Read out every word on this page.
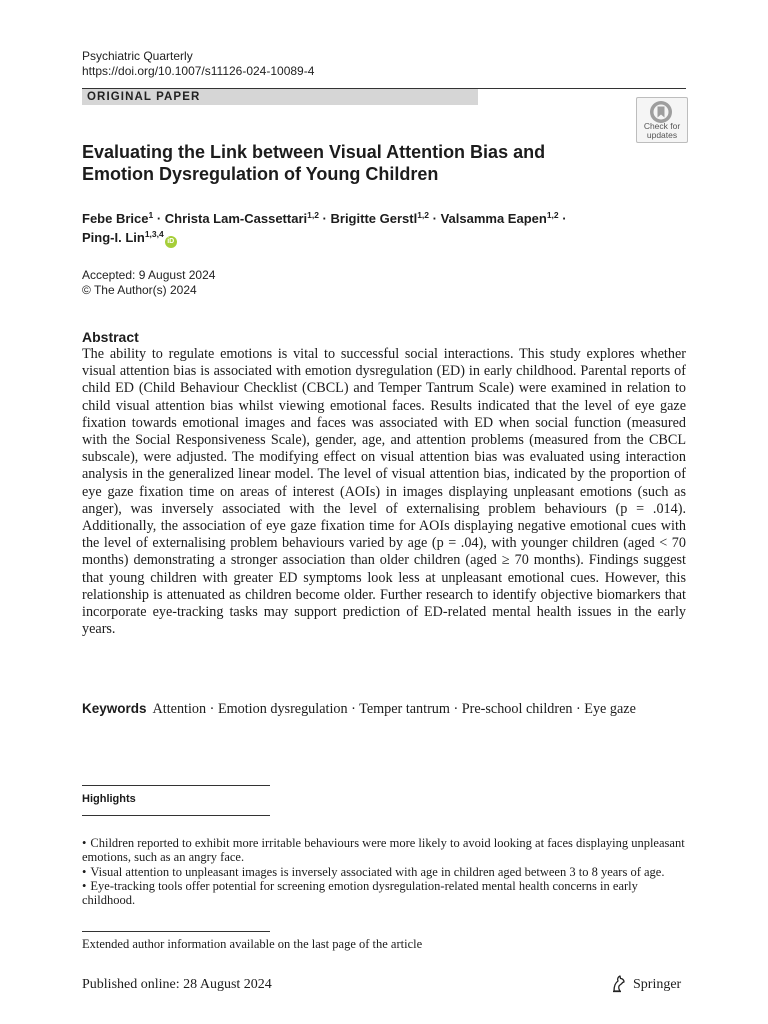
Psychiatric Quarterly
https://doi.org/10.1007/s11126-024-10089-4
ORIGINAL PAPER
Check for
updates
Evaluating the Link between Visual Attention Bias and Emotion Dysregulation of Young Children
Febe Brice$^1$ · Christa Lam-Cassettari$^{1,2}$ · Brigitte Gerstl$^{1,2}$ · Valsamma Eapen$^{1,2}$ ·
Ping-I. Lin$^{1,3,4}$iD
Accepted: 9 August 2024
© The Author(s) 2024
Abstract
The ability to regulate emotions is vital to successful social interactions. This study explores whether visual attention bias is associated with emotion dysregulation (ED) in early childhood. Parental reports of child ED (Child Behaviour Checklist (CBCL) and Temper Tantrum Scale) were examined in relation to child visual attention bias whilst viewing emotional faces. Results indicated that the level of eye gaze fixation towards emotional images and faces was associated with ED when social function (measured with the Social Responsiveness Scale), gender, age, and attention problems (measured from the CBCL subscale), were adjusted. The modifying effect on visual attention bias was evaluated using interaction analysis in the generalized linear model. The level of visual attention bias, indicated by the proportion of eye gaze fixation time on areas of interest (AOIs) in images displaying unpleasant emotions (such as anger), was inversely associated with the level of externalising problem behaviours (p = .014). Additionally, the association of eye gaze fixation time for AOIs displaying negative emotional cues with the level of externalising problem behaviours varied by age (p = .04), with younger children (aged < 70 months) demonstrating a stronger association than older children (aged ≥ 70 months). Findings suggest that young children with greater ED symptoms look less at unpleasant emotional cues. However, this relationship is attenuated as children become older. Further research to identify objective biomarkers that incorporate eye-tracking tasks may support prediction of ED-related mental health issues in the early years.
Keywords Attention · Emotion dysregulation · Temper tantrum · Pre-school children · Eye gaze
Highlights
• Children reported to exhibit more irritable behaviours were more likely to avoid looking at faces displaying unpleasant emotions, such as an angry face.
• Visual attention to unpleasant images is inversely associated with age in children aged between 3 to 8 years of age.
• Eye-tracking tools offer potential for screening emotion dysregulation-related mental health concerns in early childhood.
Extended author information available on the last page of the article
Published online: 28 August 2024	Springer
